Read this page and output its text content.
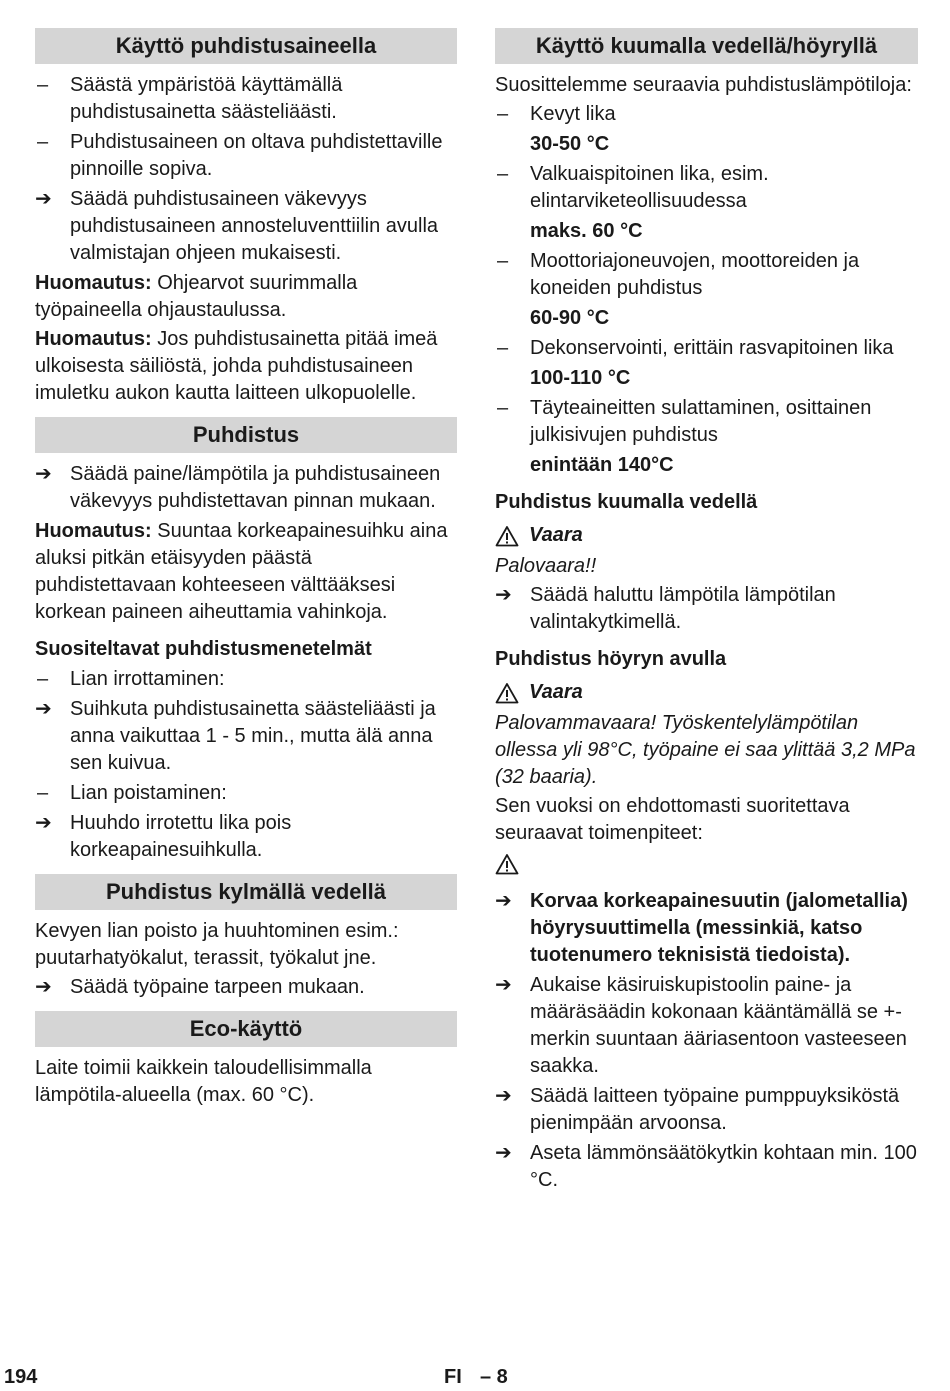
Käyttö puhdistusaineella
–	Säästä ympäristöä käyttämällä puhdistusainetta säästeliäästi.
–	Puhdistusaineen on oltava puhdistettaville pinnoille sopiva.
➔ Säädä puhdistusaineen väkevyys puhdistusaineen annosteluventtiilin avulla valmistajan ohjeen mukaisesti.
Huomautus: Ohjearvot suurimmalla työpaineella ohjaustaulussa.
Huomautus: Jos puhdistusainetta pitää imeä ulkoisesta säiliöstä, johda puhdistusaineen imuletku aukon kautta laitteen ulkopuolelle.
Puhdistus
➔ Säädä paine/lämpötila ja puhdistusaineen väkevyys puhdistettavan pinnan mukaan.
Huomautus: Suuntaa korkeapainesuihku aina aluksi pitkän etäisyyden päästä puhdistettavaan kohteeseen välttääksesi korkean paineen aiheuttamia vahinkoja.
Suositeltavat puhdistusmenetelmät
–	Lian irrottaminen:
➔ Suihkuta puhdistusainetta säästeliäästi ja anna vaikuttaa 1 - 5 min., mutta älä anna sen kuivua.
–	Lian poistaminen:
➔ Huuhdo irrotettu lika pois korkeapainesuihkulla.
Puhdistus kylmällä vedellä
Kevyen lian poisto ja huuhtominen esim.: puutarhatyökalut, terassit, työkalut jne.
➔ Säädä työpaine tarpeen mukaan.
Eco-käyttö
Laite toimii kaikkein taloudellisimmalla lämpötila-alueella (max. 60 °C).
Käyttö kuumalla vedellä/höyryllä
Suosittelemme seuraavia puhdistuslämpötiloja:
–	Kevyt lika
30-50 °C
–	Valkuaispitoinen lika, esim. elintarviketeollisuudessa
maks. 60 °C
–	Moottoriajoneuvojen, moottoreiden ja koneiden puhdistus
60-90 °C
–	Dekonservointi, erittäin rasvapitoinen lika
100-110 °C
–	Täyteaineitten sulattaminen, osittainen julkisivujen puhdistus
enintään 140°C
Puhdistus kuumalla vedellä
Vaara
Palovaara!!
➔ Säädä haluttu lämpötila lämpötilan valintakytkimellä.
Puhdistus höyryn avulla
Vaara
Palovammavaara! Työskentelylämpötilan ollessa yli 98°C, työpaine ei saa ylittää 3,2 MPa (32 baaria).
Sen vuoksi on ehdottomasti suoritettava seuraavat toimenpiteet:
➔ Korvaa korkeapainesuutin (jalometallia) höyrysuuttimella (messinkiä, katso tuotenumero teknisistä tiedoista).
➔ Aukaise käsiruiskupistoolin paine- ja määräsäädin kokonaan kääntämällä se +-merkin suuntaan ääriasentoon vasteeseen saakka.
➔ Säädä laitteen työpaine pumppuyksiköstä pienimpään arvoonsa.
➔ Aseta lämmönsäätökytkin kohtaan min. 100 °C.
194	FI – 8
